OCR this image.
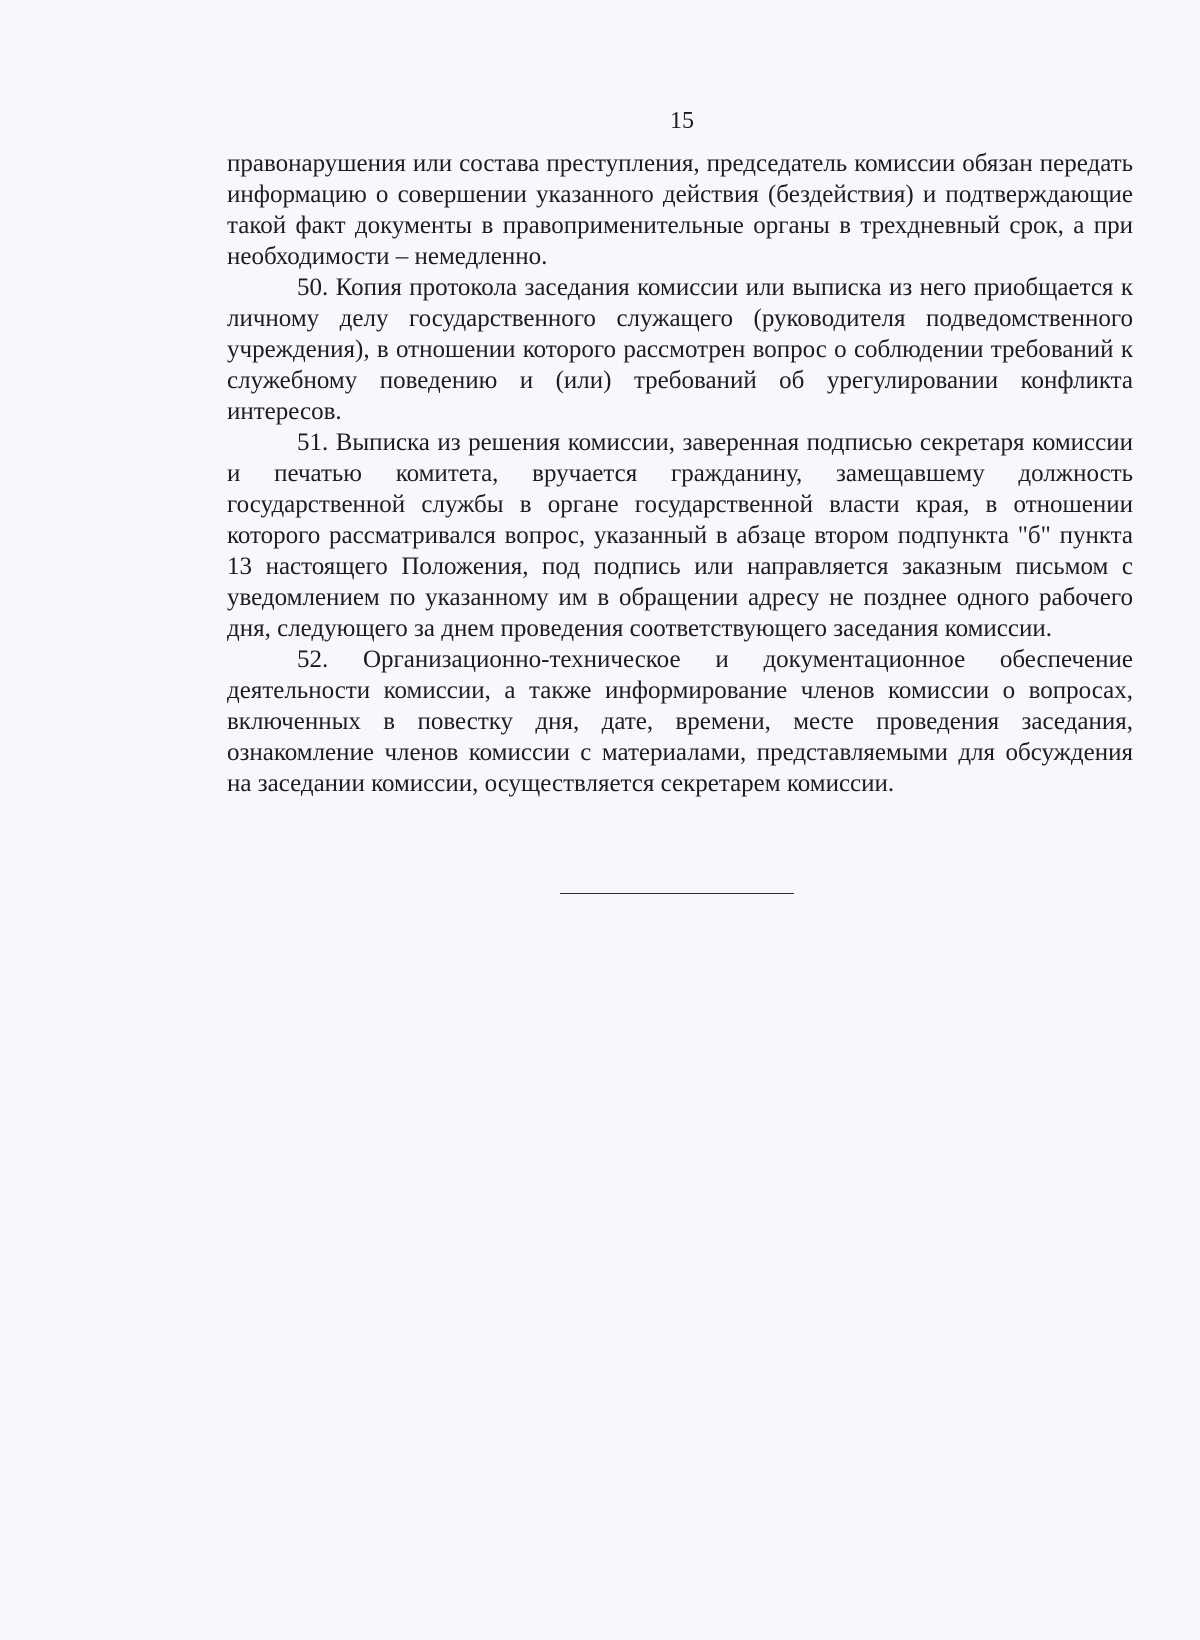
15

правонарушения или состава преступления, председатель комиссии обязан передать информацию о совершении указанного действия (бездействия) и подтверждающие такой факт документы в правоприменительные органы в трехдневный срок, а при необходимости – немедленно.

50. Копия протокола заседания комиссии или выписка из него приобщается к личному делу государственного служащего (руководителя подведомственного учреждения), в отношении которого рассмотрен вопрос о соблюдении требований к служебному поведению и (или) требований об урегулировании конфликта интересов.

51. Выписка из решения комиссии, заверенная подписью секретаря комиссии и печатью комитета, вручается гражданину, замещавшему должность государственной службы в органе государственной власти края, в отношении которого рассматривался вопрос, указанный в абзаце втором подпункта "б" пункта 13 настоящего Положения, под подпись или направляется заказным письмом с уведомлением по указанному им в обращении адресу не позднее одного рабочего дня, следующего за днем проведения соответствующего заседания комиссии.

52. Организационно-техническое и документационное обеспечение деятельности комиссии, а также информирование членов комиссии о вопросах, включенных в повестку дня, дате, времени, месте проведения заседания, ознакомление членов комиссии с материалами, представляемыми для обсуждения на заседании комиссии, осуществляется секретарем комиссии.
